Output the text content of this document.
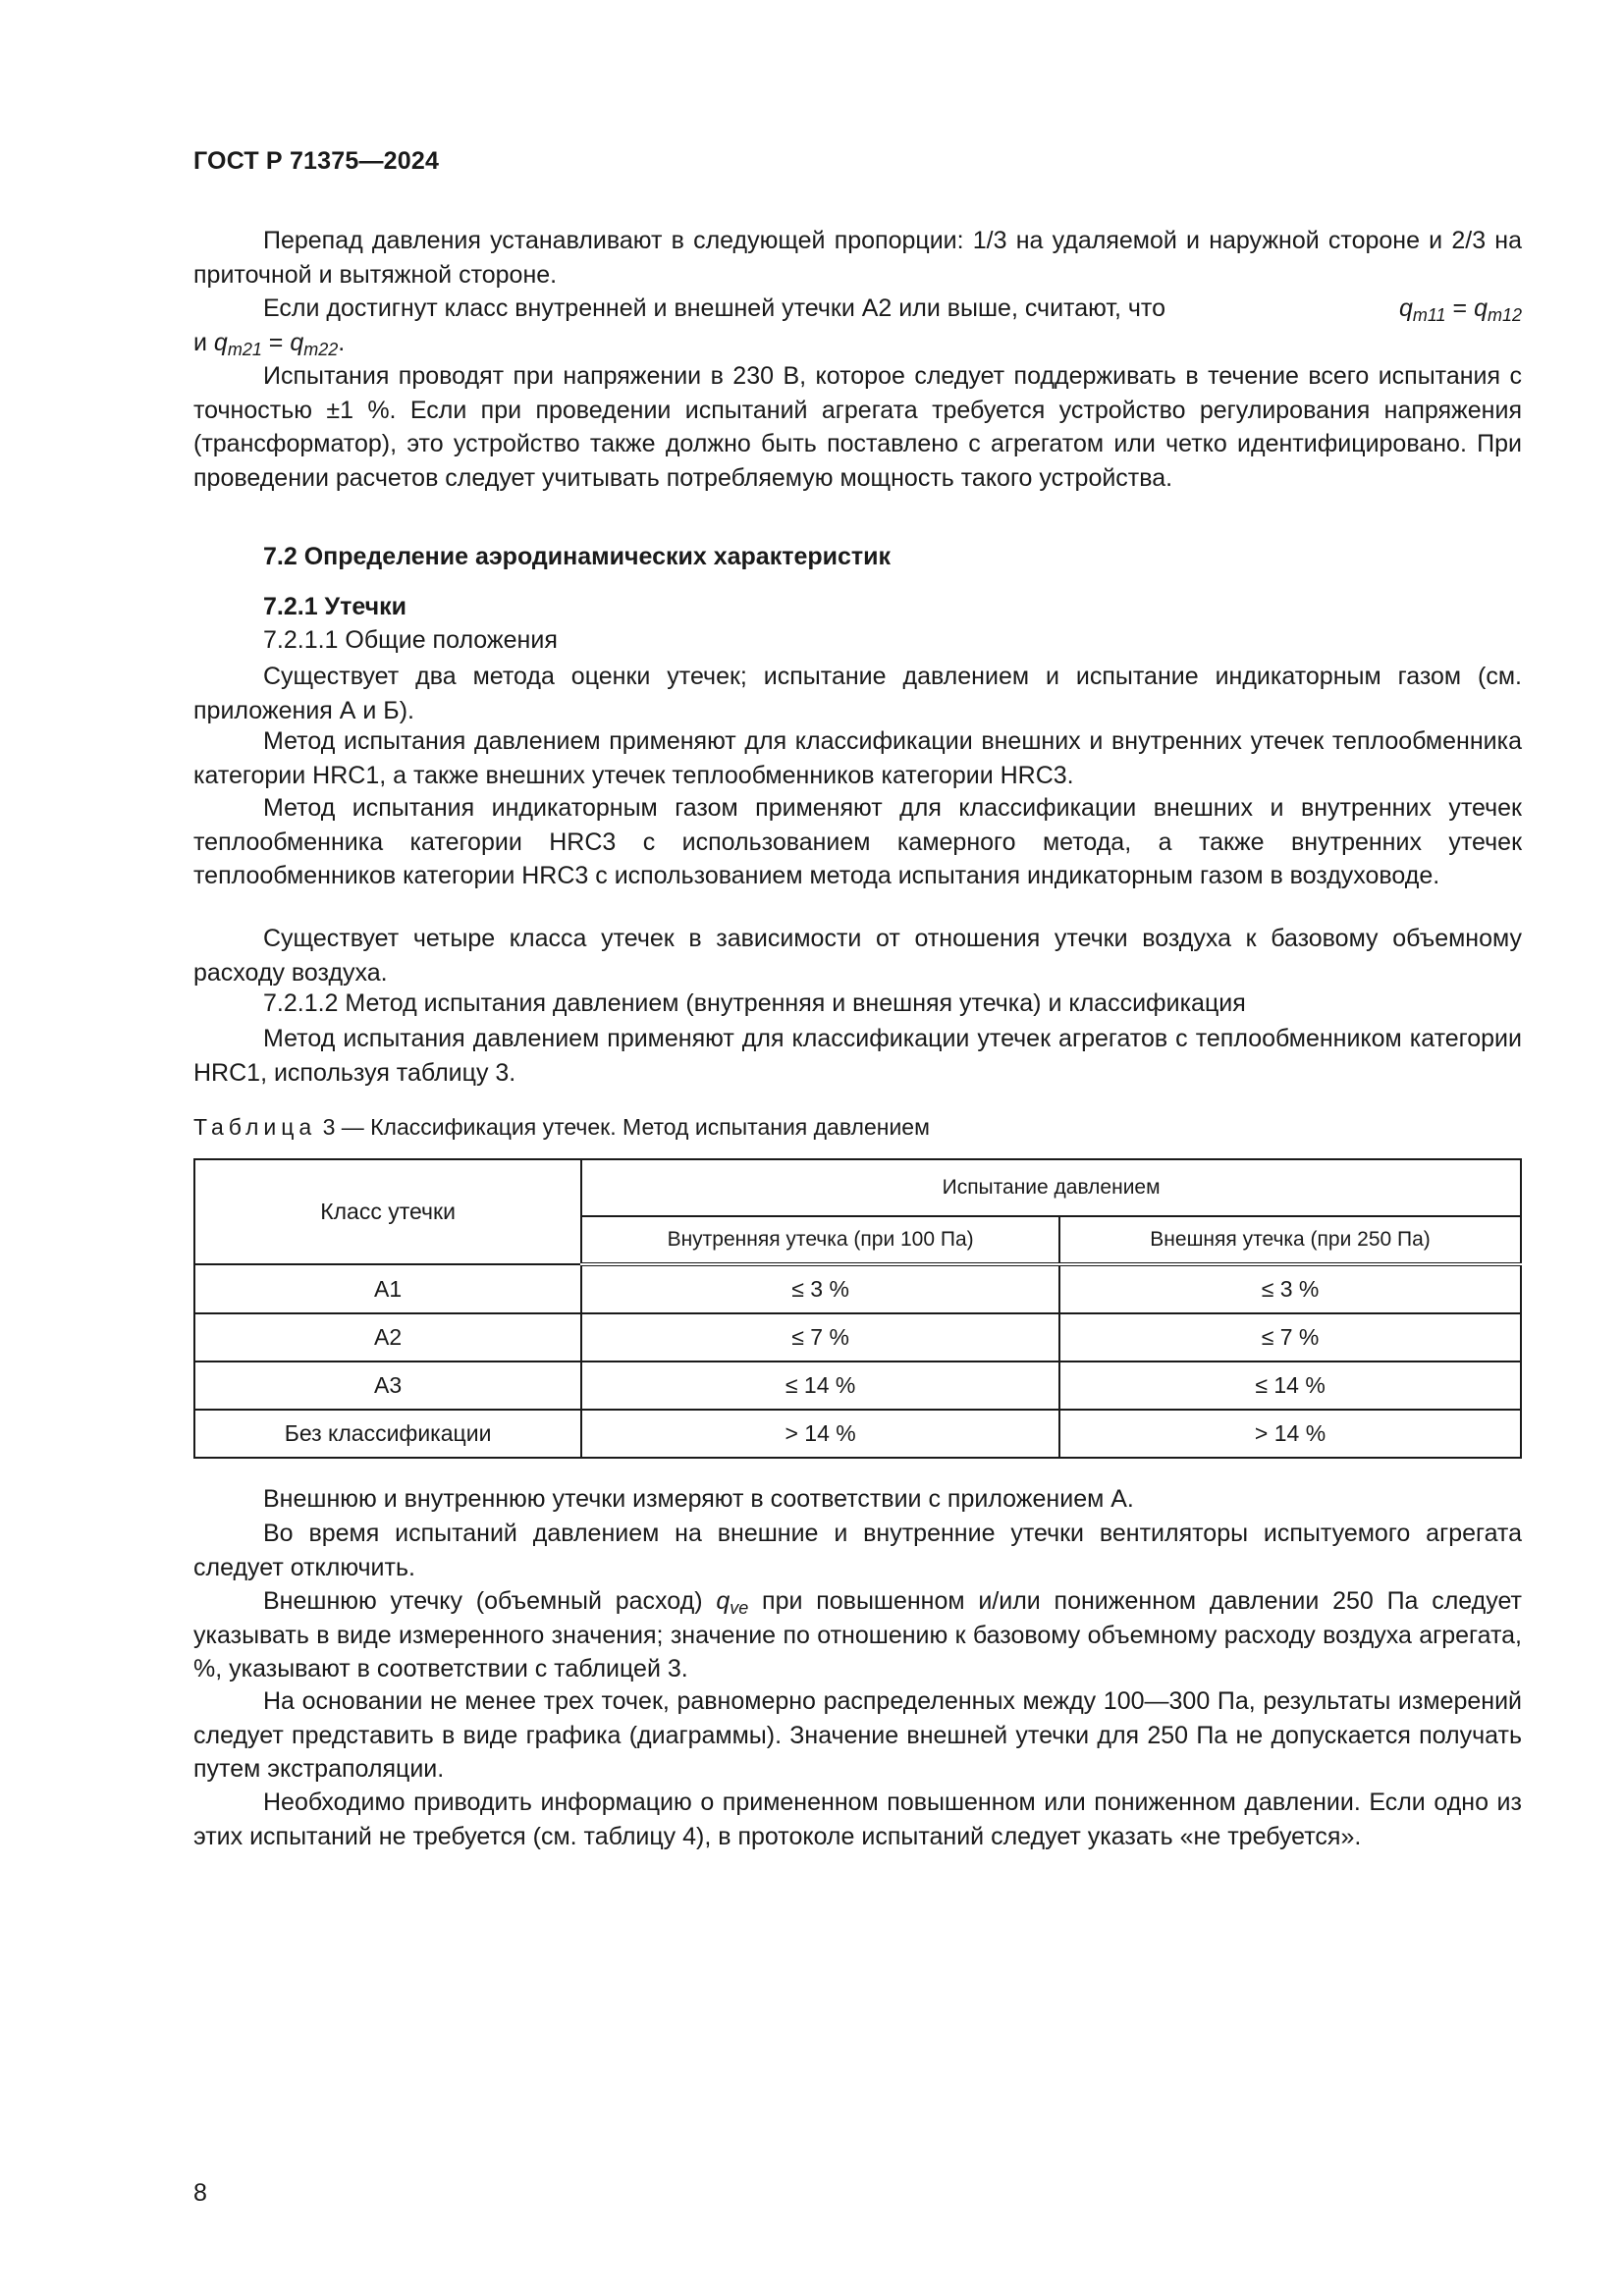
ГОСТ Р 71375—2024
Перепад давления устанавливают в следующей пропорции: 1/3 на удаляемой и наружной стороне и 2/3 на приточной и вытяжной стороне.
Если достигнут класс внутренней и внешней утечки А2 или выше, считают, что	$q_{m11} = q_{m12}$
и $q_{m21} = q_{m22}$.
Испытания проводят при напряжении в 230 В, которое следует поддерживать в течение всего испытания с точностью ±1 %. Если при проведении испытаний агрегата требуется устройство регулирования напряжения (трансформатор), это устройство также должно быть поставлено с агрегатом или четко идентифицировано. При проведении расчетов следует учитывать потребляемую мощность такого устройства.
7.2 Определение аэродинамических характеристик
7.2.1 Утечки
7.2.1.1 Общие положения
Существует два метода оценки утечек; испытание давлением и испытание индикаторным газом (см. приложения А и Б).
Метод испытания давлением применяют для классификации внешних и внутренних утечек теплообменника категории HRC1, а также внешних утечек теплообменников категории HRC3.
Метод испытания индикаторным газом применяют для классификации внешних и внутренних утечек теплообменника категории HRC3 с использованием камерного метода, а также внутренних утечек теплообменников категории HRC3 с использованием метода испытания индикаторным газом в воздуховоде.
Существует четыре класса утечек в зависимости от отношения утечки воздуха к базовому объемному расходу воздуха.
7.2.1.2 Метод испытания давлением (внутренняя и внешняя утечка) и классификация
Метод испытания давлением применяют для классификации утечек агрегатов с теплообменником категории HRC1, используя таблицу 3.
Таблица 3 — Классификация утечек. Метод испытания давлением
Класс утечки	Испытание давлением	
	Внутренняя утечка (при 100 Па)	Внешняя утечка (при 250 Па)
А1	≤ 3 %	≤ 3 %
А2	≤ 7 %	≤ 7 %
А3	≤ 14 %	≤ 14 %
Без классификации	> 14 %	> 14 %
Внешнюю и внутреннюю утечки измеряют в соответствии с приложением А.
Во время испытаний давлением на внешние и внутренние утечки вентиляторы испытуемого агрегата следует отключить.
Внешнюю утечку (объемный расход) $q_{ve}$ при повышенном и/или пониженном давлении 250 Па следует указывать в виде измеренного значения; значение по отношению к базовому объемному расходу воздуха агрегата, %, указывают в соответствии с таблицей 3.
На основании не менее трех точек, равномерно распределенных между 100—300 Па, результаты измерений следует представить в виде графика (диаграммы). Значение внешней утечки для 250 Па не допускается получать путем экстраполяции.
Необходимо приводить информацию о примененном повышенном или пониженном давлении. Если одно из этих испытаний не требуется (см. таблицу 4), в протоколе испытаний следует указать «не требуется».
8
